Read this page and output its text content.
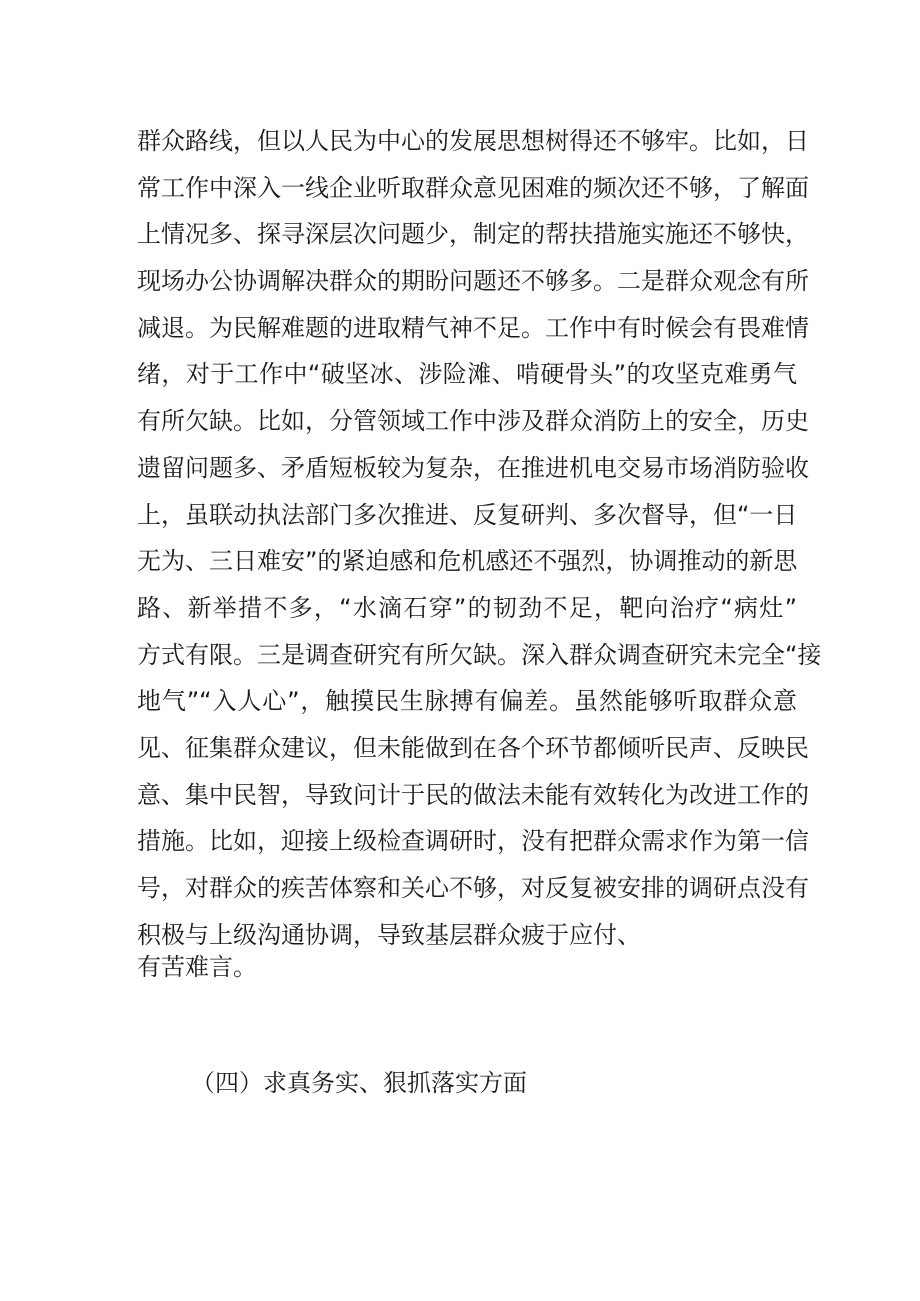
群众路线，但以人民为中心的发展思想树得还不够牢。比如，日
常工作中深入一线企业听取群众意见困难的频次还不够，了解面
上情况多、探寻深层次问题少，制定的帮扶措施实施还不够快，
现场办公协调解决群众的期盼问题还不够多。二是群众观念有所
减退。为民解难题的进取精气神不足。工作中有时候会有畏难情
绪，对于工作中“破坚冰、涉险滩、啃硬骨头”的攻坚克难勇气
有所欠缺。比如，分管领域工作中涉及群众消防上的安全，历史
遗留问题多、矛盾短板较为复杂，在推进机电交易市场消防验收
上，虽联动执法部门多次推进、反复研判、多次督导，但“一日
无为、三日难安”的紧迫感和危机感还不强烈，协调推动的新思
路、新举措不多，“水滴石穿”的韧劲不足，靶向治疗“病灶”
方式有限。三是调查研究有所欠缺。深入群众调查研究未完全“接
地气”“入人心”，触摸民生脉搏有偏差。虽然能够听取群众意
见、征集群众建议，但未能做到在各个环节都倾听民声、反映民
意、集中民智，导致问计于民的做法未能有效转化为改进工作的
措施。比如，迎接上级检查调研时，没有把群众需求作为第一信
号，对群众的疾苦体察和关心不够，对反复被安排的调研点没有
积极与上级沟通协调，导致基层群众疲于应付、
有苦难言。
（四）求真务实、狠抓落实方面
